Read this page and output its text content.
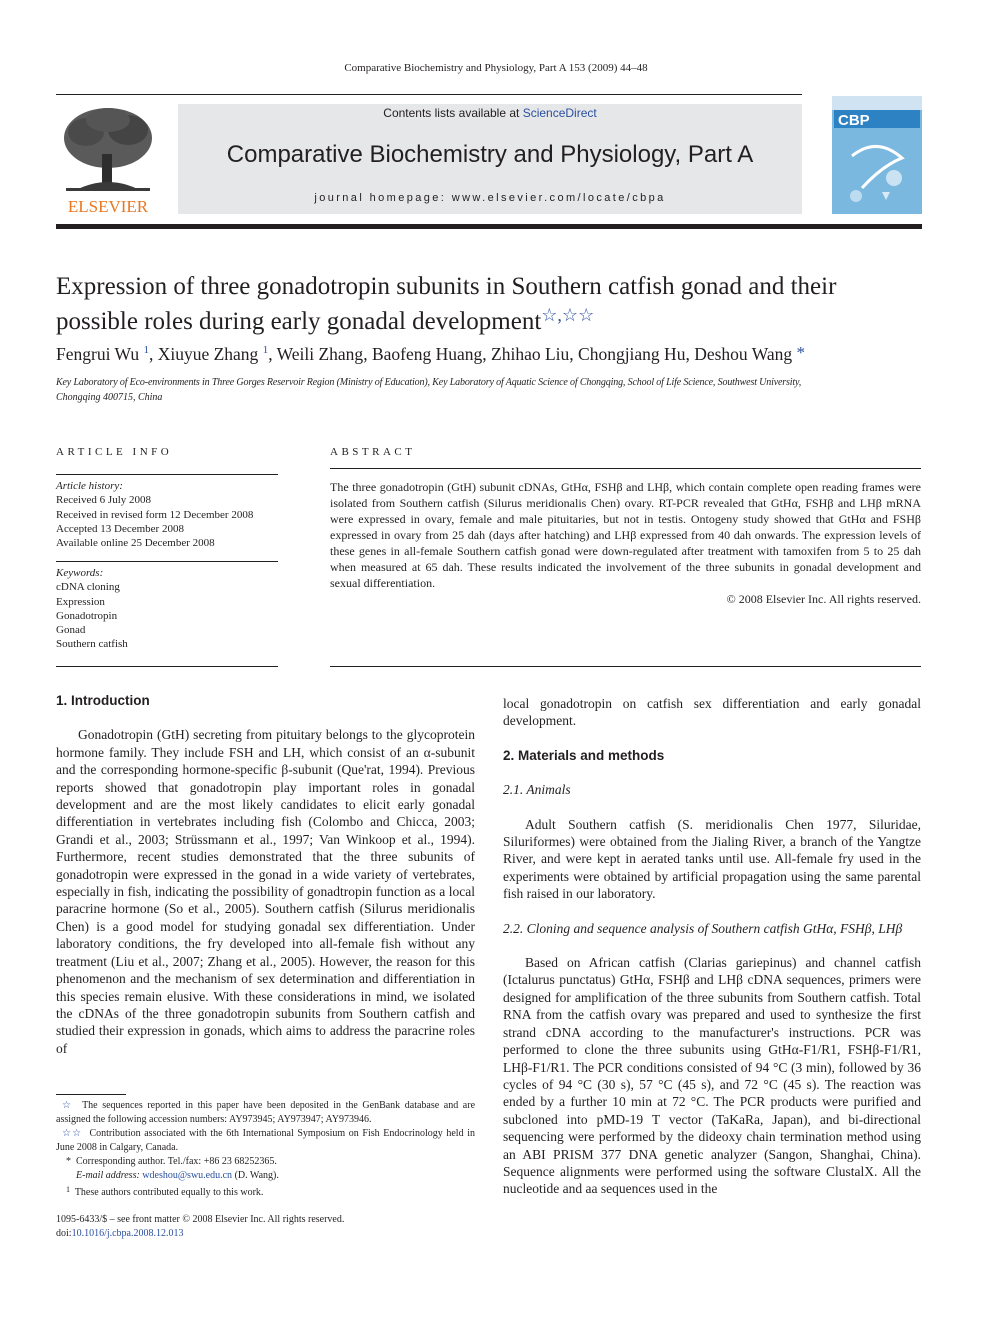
Comparative Biochemistry and Physiology, Part A 153 (2009) 44–48
ELSEVIER
Contents lists available at ScienceDirect
Comparative Biochemistry and Physiology, Part A
journal homepage: www.elsevier.com/locate/cbpa
CBP
Expression of three gonadotropin subunits in Southern catfish gonad and their
possible roles during early gonadal development☆,☆☆
Fengrui Wu $^1$, Xiuyue Zhang $^1$, Weili Zhang, Baofeng Huang, Zhihao Liu, Chongjiang Hu, Deshou Wang *
Key Laboratory of Eco-environments in Three Gorges Reservoir Region (Ministry of Education), Key Laboratory of Aquatic Science of Chongqing, School of Life Science, Southwest University,
Chongqing 400715, China
ARTICLE INFO	ABSTRACT
Article history:
Received 6 July 2008
Received in revised form 12 December 2008
Accepted 13 December 2008
Available online 25 December 2008
Keywords:
cDNA cloning
Expression
Gonadotropin
Gonad
Southern catfish
The three gonadotropin (GtH) subunit cDNAs, GtHα, FSHβ and LHβ, which contain complete open reading frames were isolated from Southern catfish (Silurus meridionalis Chen) ovary. RT-PCR revealed that GtHα, FSHβ and LHβ mRNA were expressed in ovary, female and male pituitaries, but not in testis. Ontogeny study showed that GtHα and FSHβ expressed in ovary from 25 dah (days after hatching) and LHβ expressed from 40 dah onwards. The expression levels of these genes in all-female Southern catfish gonad were down-regulated after treatment with tamoxifen from 5 to 25 dah when measured at 65 dah. These results indicated the involvement of the three subunits in gonadal development and sexual differentiation.
© 2008 Elsevier Inc. All rights reserved.
1. Introduction

Gonadotropin (GtH) secreting from pituitary belongs to the glycoprotein hormone family. They include FSH and LH, which consist of an α-subunit and the corresponding hormone-specific β-subunit (Que'rat, 1994). Previous reports showed that gonadotropin play important roles in gonadal development and are the most likely candidates to elicit early gonadal differentiation in vertebrates including fish (Colombo and Chicca, 2003; Grandi et al., 2003; Strüssmann et al., 1997; Van Winkoop et al., 1994). Furthermore, recent studies demonstrated that the three subunits of gonadotropin were expressed in the gonad in a wide variety of vertebrates, especially in fish, indicating the possibility of gonadtropin function as a local paracrine hormone (So et al., 2005). Southern catfish (Silurus meridionalis Chen) is a good model for studying gonadal sex differentiation. Under laboratory conditions, the fry developed into all-female fish without any treatment (Liu et al., 2007; Zhang et al., 2005). However, the reason for this phenomenon and the mechanism of sex determination and differentiation in this species remain elusive. With these considerations in mind, we isolated the cDNAs of the three gonadotropin subunits from Southern catfish and studied their expression in gonads, which aims to address the paracrine roles of

☆ The sequences reported in this paper have been deposited in the GenBank database and are assigned the following accession numbers: AY973945; AY973947; AY973946.
☆☆ Contribution associated with the 6th International Symposium on Fish Endocrinology held in June 2008 in Calgary, Canada.
* Corresponding author. Tel./fax: +86 23 68252365.
E-mail address: wdeshou@swu.edu.cn (D. Wang).
$^1$ These authors contributed equally to this work.
1095-6433/$ – see front matter © 2008 Elsevier Inc. All rights reserved.
doi:10.1016/j.cbpa.2008.12.013

local gonadotropin on catfish sex differentiation and early gonadal development.

2. Materials and methods
2.1. Animals

Adult Southern catfish (S. meridionalis Chen 1977, Siluridae, Siluriformes) were obtained from the Jialing River, a branch of the Yangtze River, and were kept in aerated tanks until use. All-female fry used in the experiments were obtained by artificial propagation using the same parental fish raised in our laboratory.

2.2. Cloning and sequence analysis of Southern catfish GtHα, FSHβ, LHβ

Based on African catfish (Clarias gariepinus) and channel catfish (Ictalurus punctatus) GtHα, FSHβ and LHβ cDNA sequences, primers were designed for amplification of the three subunits from Southern catfish. Total RNA from the catfish ovary was prepared and used to synthesize the first strand cDNA according to the manufacturer's instructions. PCR was performed to clone the three subunits using GtHα-F1/R1, FSHβ-F1/R1, LHβ-F1/R1. The PCR conditions consisted of 94 °C (3 min), followed by 36 cycles of 94 °C (30 s), 57 °C (45 s), and 72 °C (45 s). The reaction was ended by a further 10 min at 72 °C. The PCR products were purified and subcloned into pMD-19 T vector (TaKaRa, Japan), and bi-directional sequencing were performed by the dideoxy chain termination method using an ABI PRISM 377 DNA genetic analyzer (Sangon, Shanghai, China). Sequence alignments were performed using the software ClustalX. All the nucleotide and aa sequences used in the
